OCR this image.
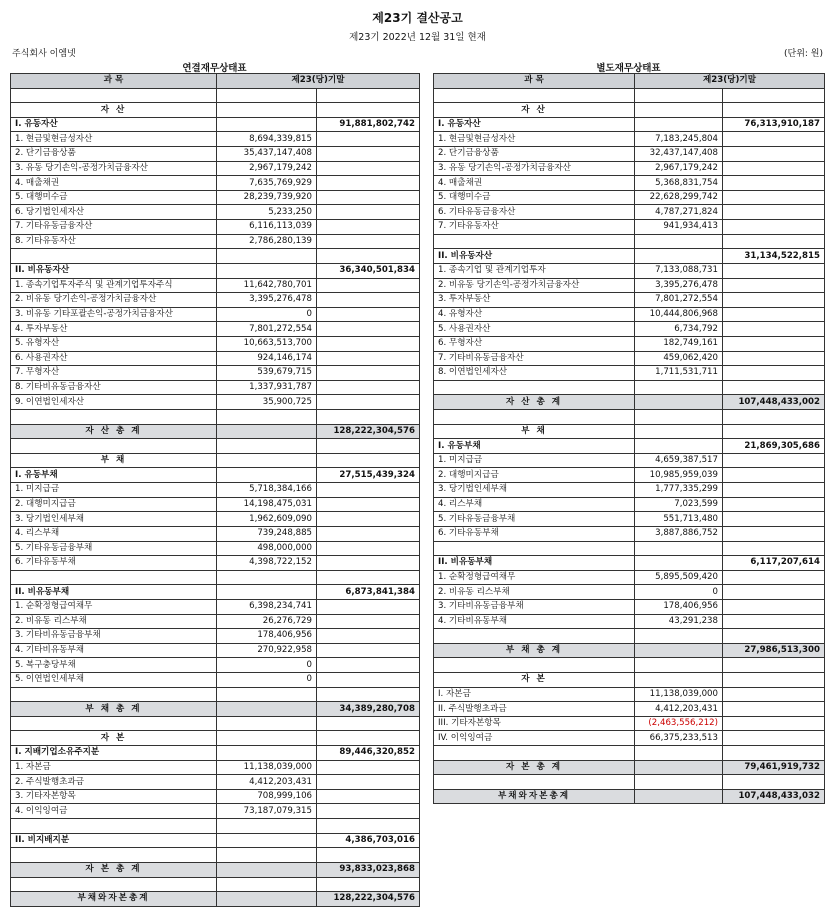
제23기 결산공고
제23기 2022년 12월 31일 현재
주식회사 이엠넷	(단위: 원)
연결재무상태표	별도재무상태표
과 목	제23(당)기말	

자 산		
I. 유동자산		91,881,802,742
1. 현금및현금성자산	8,694,339,815	
2. 단기금융상품	35,437,147,408	
3. 유동 당기손익-공정가치금융자산	2,967,179,242	
4. 매출채권	7,635,769,929	
5. 대행미수금	28,239,739,920	
6. 당기법인세자산	5,233,250	
7. 기타유동금융자산	6,116,113,039	
8. 기타유동자산	2,786,280,139	

II. 비유동자산		36,340,501,834
1. 종속기업투자주식 및 관계기업투자주식	11,642,780,701	
2. 비유동 당기손익-공정가치금융자산	3,395,276,478	
3. 비유동 기타포괄손익-공정가치금융자산	0	
4. 투자부동산	7,801,272,554	
5. 유형자산	10,663,513,700	
6. 사용권자산	924,146,174	
7. 무형자산	539,679,715	
8. 기타비유동금융자산	1,337,931,787	
9. 이연법인세자산	35,900,725	

자 산 총 계		128,222,304,576

부 채		
I. 유동부채		27,515,439,324
1. 미지급금	5,718,384,166	
2. 대행미지급금	14,198,475,031	
3. 당기법인세부채	1,962,609,090	
4. 리스부채	739,248,885	
5. 기타유동금융부채	498,000,000	
6. 기타유동부채	4,398,722,152	

II. 비유동부채		6,873,841,384
1. 순확정형급여채무	6,398,234,741	
2. 비유동 리스부채	26,276,729	
3. 기타비유동금융부채	178,406,956	
4. 기타비유동부채	270,922,958	
5. 복구충당부채	0	
5. 이연법인세부채	0	

부 채 총 계		34,389,280,708

자 본		
I. 지배기업소유주지분		89,446,320,852
1. 자본금	11,138,039,000	
2. 주식발행초과금	4,412,203,431	
3. 기타자본항목	708,999,106	
4. 이익잉여금	73,187,079,315	

II. 비지배지분		4,386,703,016

자 본 총 계		93,833,023,868

부채와자본총계		128,222,304,576
과 목	제23(당)기말	

자 산		
I. 유동자산		76,313,910,187
1. 현금및현금성자산	7,183,245,804	
2. 단기금융상품	32,437,147,408	
3. 유동 당기손익-공정가치금융자산	2,967,179,242	
4. 매출채권	5,368,831,754	
5. 대행미수금	22,628,299,742	
6. 기타유동금융자산	4,787,271,824	
7. 기타유동자산	941,934,413	

II. 비유동자산		31,134,522,815
1. 종속기업 및 관계기업투자	7,133,088,731	
2. 비유동 당기손익-공정가치금융자산	3,395,276,478	
3. 투자부동산	7,801,272,554	
4. 유형자산	10,444,806,968	
5. 사용권자산	6,734,792	
6. 무형자산	182,749,161	
7. 기타비유동금융자산	459,062,420	
8. 이연법인세자산	1,711,531,711	

자 산 총 계		107,448,433,002

부 채		
I. 유동부채		21,869,305,686
1. 미지급금	4,659,387,517	
2. 대행미지급금	10,985,959,039	
3. 당기법인세부채	1,777,335,299	
4. 리스부채	7,023,599	
5. 기타유동금융부채	551,713,480	
6. 기타유동부채	3,887,886,752	

II. 비유동부채		6,117,207,614
1. 순확정형급여채무	5,895,509,420	
2. 비유동 리스부채	0	
3. 기타비유동금융부채	178,406,956	
4. 기타비유동부채	43,291,238	

부 채 총 계		27,986,513,300

자 본		
I. 자본금	11,138,039,000	
II. 주식발행초과금	4,412,203,431	
III. 기타자본항목	(2,463,556,212)	
IV. 이익잉여금	66,375,233,513	

자 본 총 계		79,461,919,732

부채와자본총계		107,448,433,032
